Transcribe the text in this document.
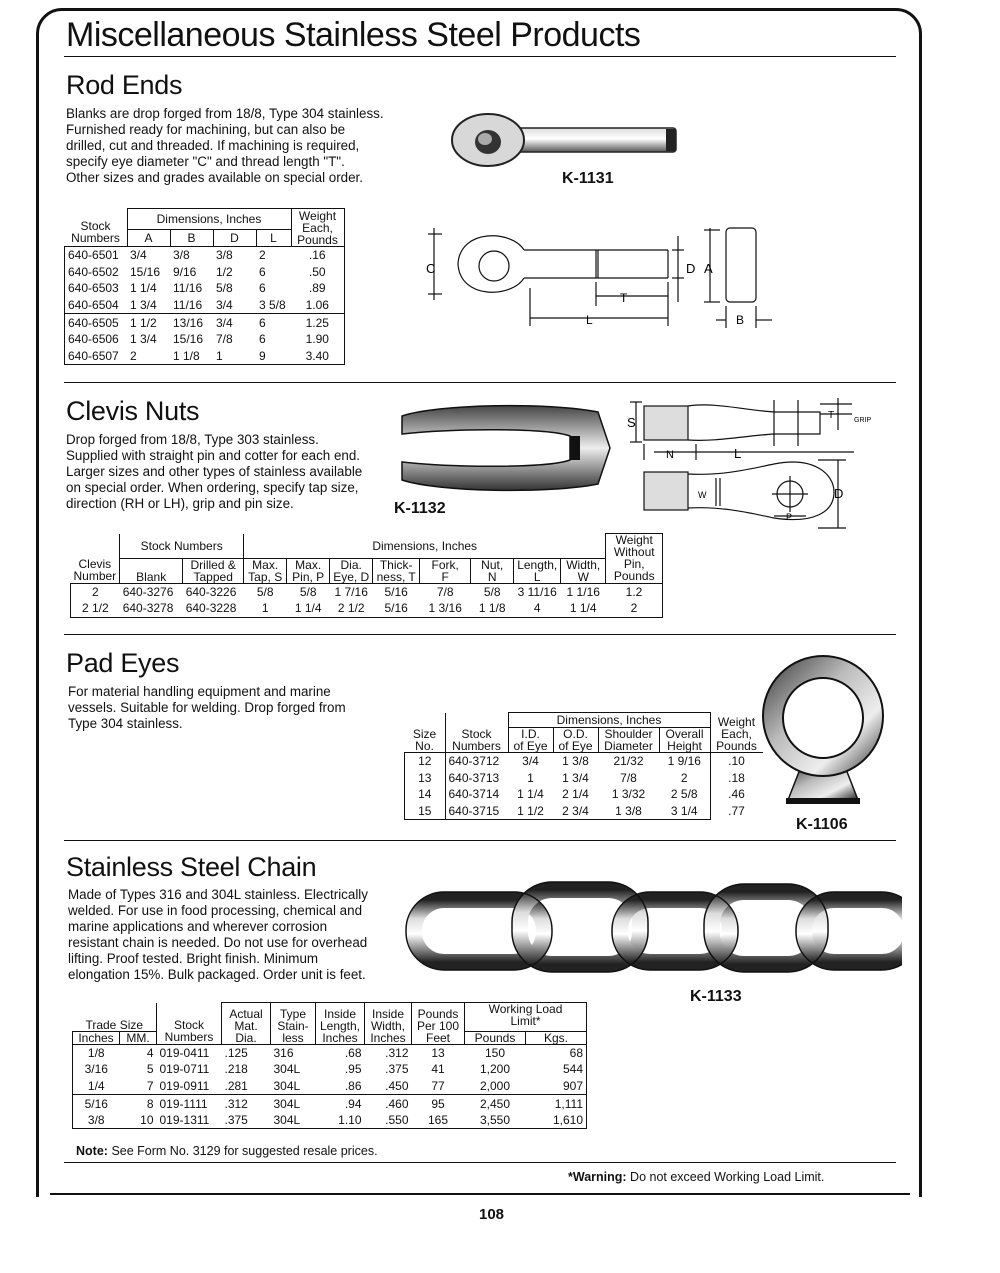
Miscellaneous Stainless Steel Products
Rod Ends

Blanks are drop forged from 18/8, Type 304 stainless.
Furnished ready for machining, but can also be
drilled, cut and threaded. If machining is required,
specify eye diameter "C" and thread length "T".
Other sizes and grades available on special order.	K-1131
Stock
Numbers	Dimensions, Inches				Weight
Each,
Pounds
	A	B	D	L	
640-6501	3/4	3/8	3/8	2	.16
640-6502	15/16	9/16	1/2	6	.50
640-6503	1 1/4	11/16	5/8	6	.89
640-6504	1 3/4	11/16	3/4	3 5/8	1.06
640-6505	1 1/2	13/16	3/4	6	1.25
640-6506	1 3/4	15/16	7/8	6	1.90
640-6507	2	1 1/8	1	9	3.40
C
T
L
D A
B
Clevis Nuts

Drop forged from 18/8, Type 303 stainless.
Supplied with straight pin and cotter for each end.
Larger sizes and other types of stainless available
on special order. When ordering, specify tap size,
direction (RH or LH), grip and pin size.	K-1132
S	T	GRIP
N	L
W
P
D
Clevis
Number	Stock Numbers		Dimensions, Inches								Weight
Without
Pin,
Pounds
	Blank	Drilled &
Tapped	Max.
Tap, S	Max.
Pin, P	Dia.
Eye, D	Thick-
ness, T	Fork,
F	Nut,
N	Length,
L	Width,
W	
2	640-3276	640-3226	5/8	5/8	1 7/16	5/16	7/8	5/8	3 11/16	1 1/16	1.2
2 1/2	640-3278	640-3228	1	1 1/4	2 1/2	5/16	1 3/16	1 1/8	4	1 1/4	2
Pad Eyes

For material handling equipment and marine
vessels. Suitable for welding. Drop forged from
Type 304 stainless.

Size
No.	Stock
Numbers	Dimensions, Inches				Weight
Each,
Pounds
		I.D.
of Eye	O.D.
of Eye	Shoulder
Diameter	Overall
Height	
12	640-3712	3/4	1 3/8	21/32	1 9/16	.10
13	640-3713	1	1 3/4	7/8	2	.18
14	640-3714	1 1/4	2 1/4	1 3/32	2 5/8	.46
15	640-3715	1 1/2	2 3/4	1 3/8	3 1/4	.77
K-1106
Stainless Steel Chain

Made of Types 316 and 304L stainless. Electrically
welded. For use in food processing, chemical and
marine applications and wherever corrosion
resistant chain is needed. Do not use for overhead
lifting. Proof tested. Bright finish. Minimum
elongation 15%. Bulk packaged. Order unit is feet.

K-1133
Trade Size		Stock
Numbers	Actual
Mat.
Dia.	Type
Stain-
less	Inside
Length,
Inches	Inside
Width,
Inches	Pounds
Per 100
Feet	Working Load
Limit*	

Inches	MM.							Pounds	Kgs.
1/8	4	019-0411	.125	316	.68	.312	13	150	68
3/16	5	019-0711	.218	304L	.95	.375	41	1,200	544
1/4	7	019-0911	.281	304L	.86	.450	77	2,000	907
5/16	8	019-1111	.312	304L	.94	.460	95	2,450	1,111
3/8	10	019-1311	.375	304L	1.10	.550	165	3,550	1,610
Note: See Form No. 3129 for suggested resale prices.
*Warning: Do not exceed Working Load Limit.
108
